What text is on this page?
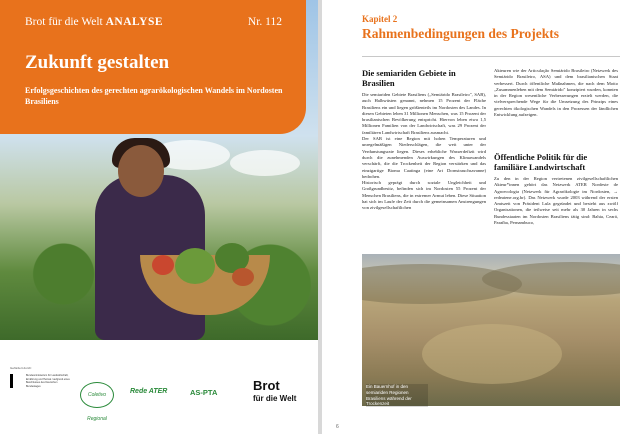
Brot für die Welt ANALYSE	Nr. 112
Zukunft gestalten

Erfolgsgeschichten des gerechten agrarökologischen Wandels im Nordosten Brasiliens

Gefördert durch:
Bundesministerium für Landwirtschaft, Ernährung und Heimat / aufgrund eines Beschlusses des Deutschen Bundestages
Coletivo Regional
Rede ATER	AS-PTA	Brot
für die Welt
Kapitel 2
Rahmenbedingungen des Projekts
Die semiariden Gebiete in Brasilien

Die semiariden Gebiete Brasiliens („Semiárido Brasileiro", SAB), auch Halbwüsten genannt, nehmen 15 Prozent der Fläche Brasiliens ein und liegen größtenteils im Nordosten des Landes. In diesen Gebieten leben 31 Millionen Menschen, was 15 Prozent der brasilianischen Bevölkerung entspricht. Hiervon leben etwa 1,5 Millionen Familien von der Landwirtschaft, was 29 Prozent der familiären Landwirtschaft Brasiliens ausmacht.
Der SAB ist eine Region mit hohen Temperaturen und unregelmäßigen Niederschlägen, die weit unter der Verdunstungsrate liegen. Dieses erhebliche Wasserdefizit wird durch die zunehmenden Auswirkungen des Klimawandels verschärft, die die Trockenheit der Region verstärken und das einzigartige Bioma Caatinga (eine Art Dornstrauchsavanne) bedrohen.
Historisch geprägt durch soziale Ungleichheit und Großgrundbesitz, befinden sich im Nordosten 55 Prozent der Menschen Brasiliens, die in extremer Armut leben. Diese Situation hat sich im Laufe der Zeit durch die gemeinsamen Anstrengungen von zivilgesellschaftlichen

Akteuren wie der Articulação Semiárido Brasileiro (Netzwerk des Semiárido Brasileiro, ASA) und dem brasilianischen Staat verbessert. Durch öffentliche Maßnahmen, die nach dem Motto „Zusammenleben mit dem Semiárido" konzipiert wurden, konnten in der Region wesentliche Verbesserungen erzielt werden, die vielversprechende Wege für die Umsetzung des Prinzips eines gerechten ökologischen Wandels in den Prozessen der ländlichen Entwicklung aufzeigen.

Öffentliche Politik für die familiäre Landwirtschaft

Zu den in der Region vertretenen zivilgesellschaftlichen Akteur*innen gehört das Netzwerk ATER Nordeste de Agroecologia (Netzwerk für Agrarökologie im Nordosten, → redeatene.org.br). Das Netzwerk wurde 2003 während der ersten Amtszeit von Präsident Lula gegründet und besteht aus zwölf Organisationen, die teilweise seit mehr als 30 Jahren in sechs Bundesstaaten im Nordosten Brasiliens tätig sind: Bahia, Ceará, Paraíba, Pernambuco,

Ein Bauernhof in den semiariden Regionen Brasiliens während der Trockenzeit
6
